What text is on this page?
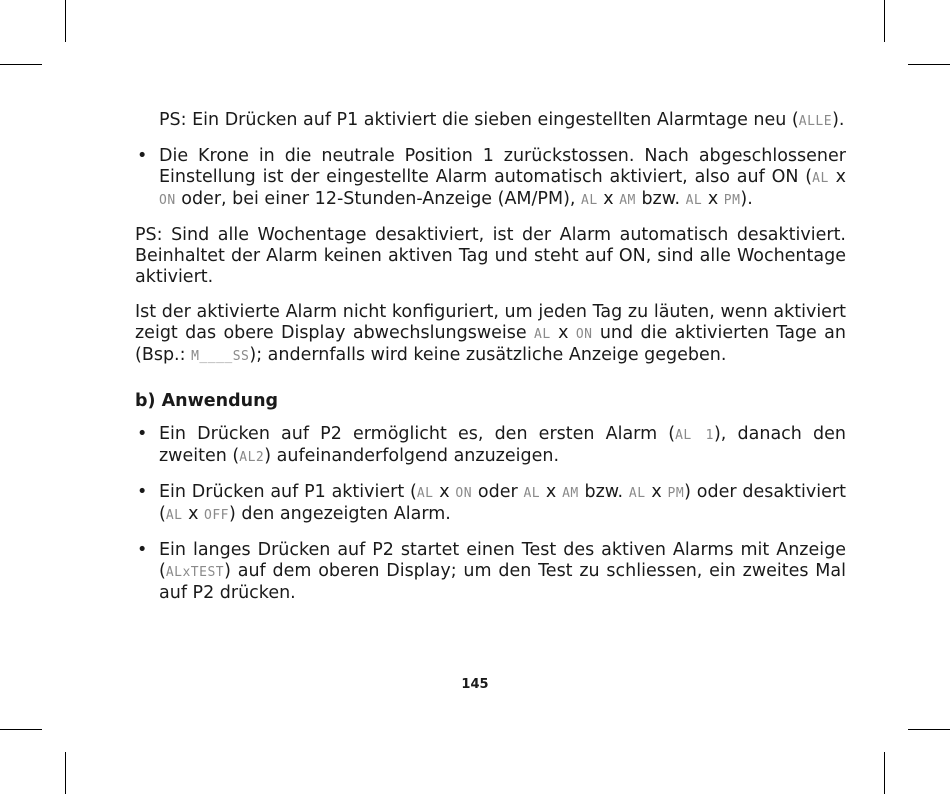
PS: Ein Drücken auf P1 aktiviert die sieben eingestellten Alarmtage neu (ALLE).

• Die Krone in die neutrale Position 1 zurückstossen. Nach abgeschlossener Einstellung ist der eingestellte Alarm automatisch aktiviert, also auf ON (AL x ON oder, bei einer 12-Stunden-Anzeige (AM/PM), AL x AM bzw. AL x PM).

PS: Sind alle Wochentage desaktiviert, ist der Alarm automatisch desaktiviert. Beinhaltet der Alarm keinen aktiven Tag und steht auf ON, sind alle Wochentage aktiviert.

Ist der aktivierte Alarm nicht konfiguriert, um jeden Tag zu läuten, wenn aktiviert zeigt das obere Display abwechslungsweise AL x ON und die aktivierten Tage an (Bsp.: M____SS); andernfalls wird keine zusätzliche Anzeige gegeben.

b) Anwendung
• Ein Drücken auf P2 ermöglicht es, den ersten Alarm (AL 1), danach den zweiten (AL2) aufeinanderfolgend anzuzeigen.
• Ein Drücken auf P1 aktiviert (AL x ON oder AL x AM bzw. AL x PM) oder desaktiviert (AL x OFF) den angezeigten Alarm.
• Ein langes Drücken auf P2 startet einen Test des aktiven Alarms mit Anzeige (ALxTEST) auf dem oberen Display; um den Test zu schliessen, ein zweites Mal auf P2 drücken.
145
